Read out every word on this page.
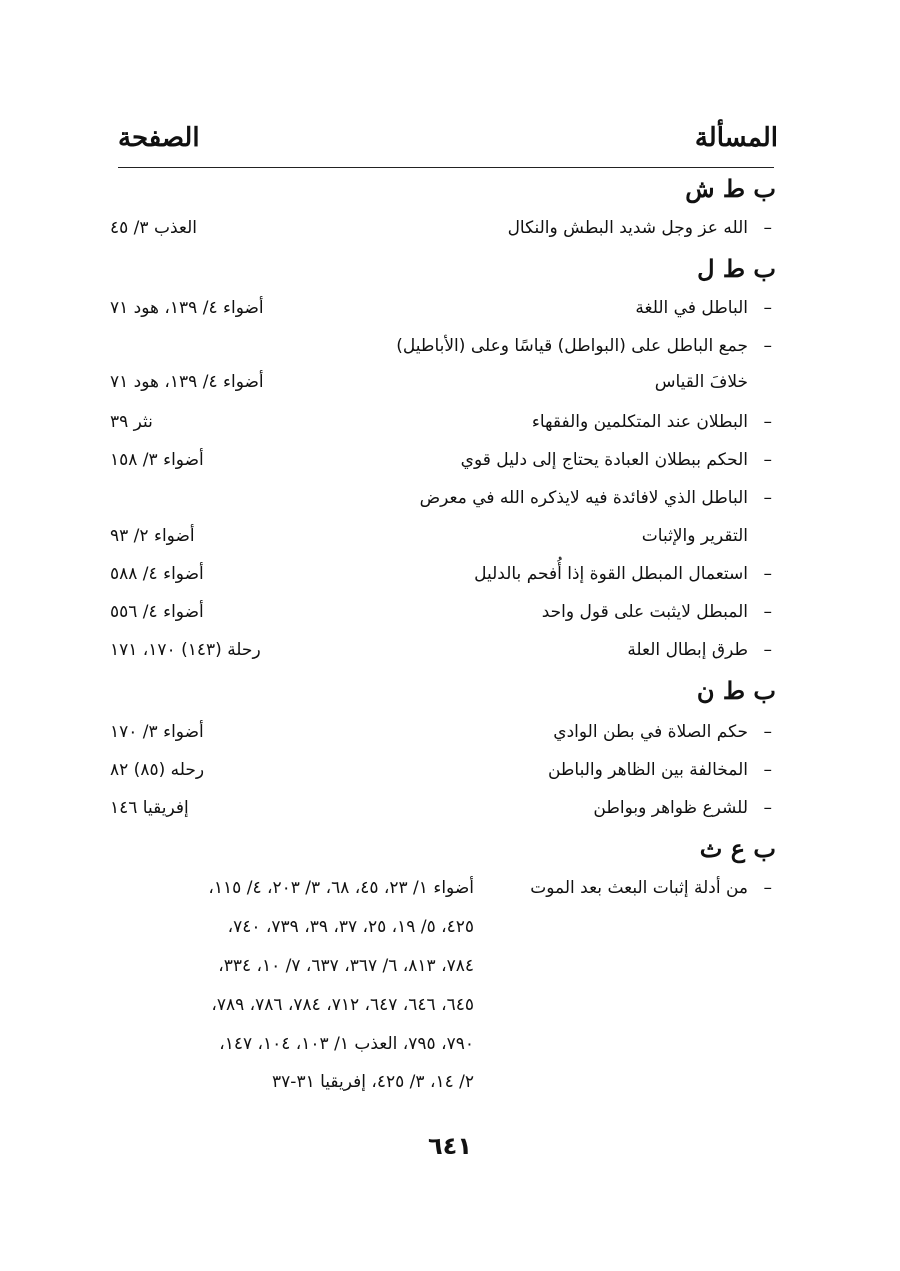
المسألة
الصفحة
ب ط ش
–
الله عز وجل شديد البطش والنكال
العذب ٣/ ٤٥
ب ط ل
–
الباطل في اللغة
أضواء ٤/ ١٣٩، هود ٧١
–
جمع الباطل على (البواطل) قياسًا وعلى (الأباطيل)
خلافَ القياس
أضواء ٤/ ١٣٩، هود ٧١
–
البطلان عند المتكلمين والفقهاء
نثر ٣٩
–
الحكم ببطلان العبادة يحتاج إلى دليل قوي
أضواء ٣/ ١٥٨
–
الباطل الذي لافائدة فيه لايذكره الله في معرض
التقرير والإثبات
أضواء ٢/ ٩٣
–
استعمال المبطل القوة إذا أُفحم بالدليل
أضواء ٤/ ٥٨٨
–
المبطل لايثبت على قول واحد
أضواء ٤/ ٥٥٦
–
طرق إبطال العلة
رحلة (١٤٣) ١٧٠، ١٧١
ب ط ن
–
حكم الصلاة في بطن الوادي
أضواء ٣/ ١٧٠
–
المخالفة بين الظاهر والباطن
رحله (٨٥) ٨٢
–
للشرع ظواهر وبواطن
إفريقيا ١٤٦
ب ع ث
–
من أدلة إثبات البعث بعد الموت
أضواء ١/ ٢٣، ٤٥، ٦٨، ٣/ ٢٠٣، ٤/ ١١٥،
٤٢٥، ٥/ ١٩، ٢٥، ٣٧، ٣٩، ٧٣٩، ٧٤٠،
٧٨٤، ٨١٣، ٦/ ٣٦٧، ٦٣٧، ٧/ ١٠، ٣٣٤،
٦٤٥، ٦٤٦، ٦٤٧، ٧١٢، ٧٨٤، ٧٨٦، ٧٨٩،
٧٩٠، ٧٩٥، العذب ١/ ١٠٣، ١٠٤، ١٤٧،
٢/ ١٤، ٣/ ٤٢٥، إفريقيا ٣١-٣٧
٦٤١
